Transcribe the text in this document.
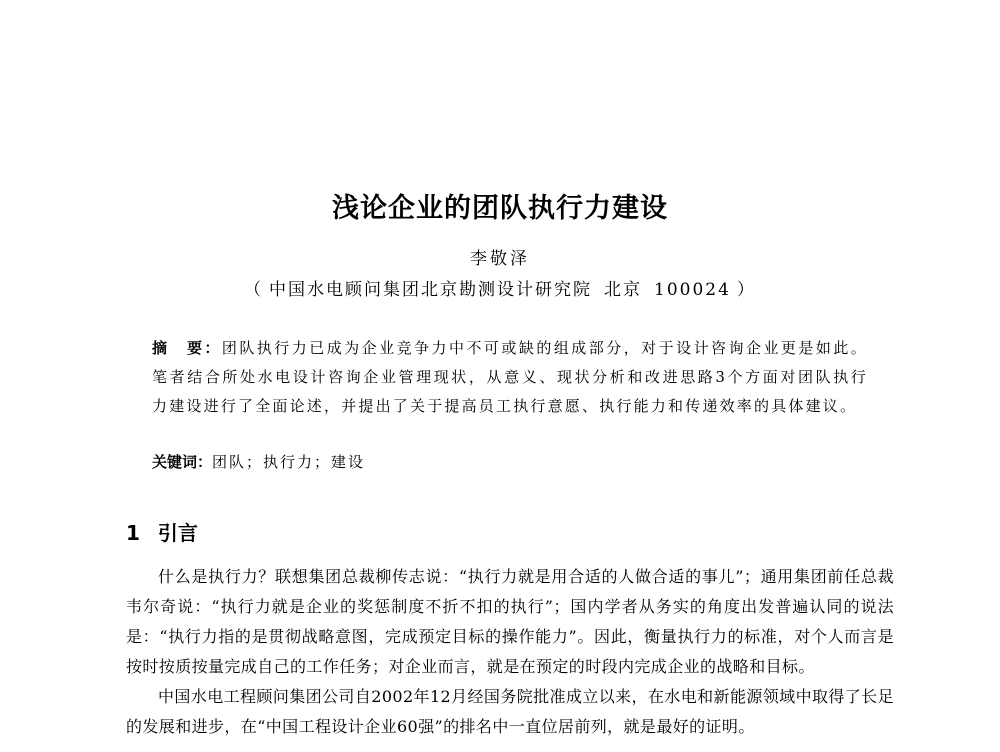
浅论企业的团队执行力建设
李敬泽
（ 中国水电顾问集团北京勘测设计研究院 北京 100024 ）
摘　要：团队执行力已成为企业竞争力中不可或缺的组成部分，对于设计咨询企业更是如此。笔者结合所处水电设计咨询企业管理现状，从意义、现状分析和改进思路3个方面对团队执行力建设进行了全面论述，并提出了关于提高员工执行意愿、执行能力和传递效率的具体建议。
关键词：团队；执行力；建设
1 引言

什么是执行力？联想集团总裁柳传志说：“执行力就是用合适的人做合适的事儿”；通用集团前任总裁韦尔奇说：“执行力就是企业的奖惩制度不折不扣的执行”；国内学者从务实的角度出发普遍认同的说法是：“执行力指的是贯彻战略意图，完成预定目标的操作能力”。因此，衡量执行力的标准，对个人而言是按时按质按量完成自己的工作任务；对企业而言，就是在预定的时段内完成企业的战略和目标。

中国水电工程顾问集团公司自2002年12月经国务院批准成立以来，在水电和新能源领域中取得了长足的发展和进步，在“中国工程设计企业60强”的排名中一直位居前列，就是最好的证明。
